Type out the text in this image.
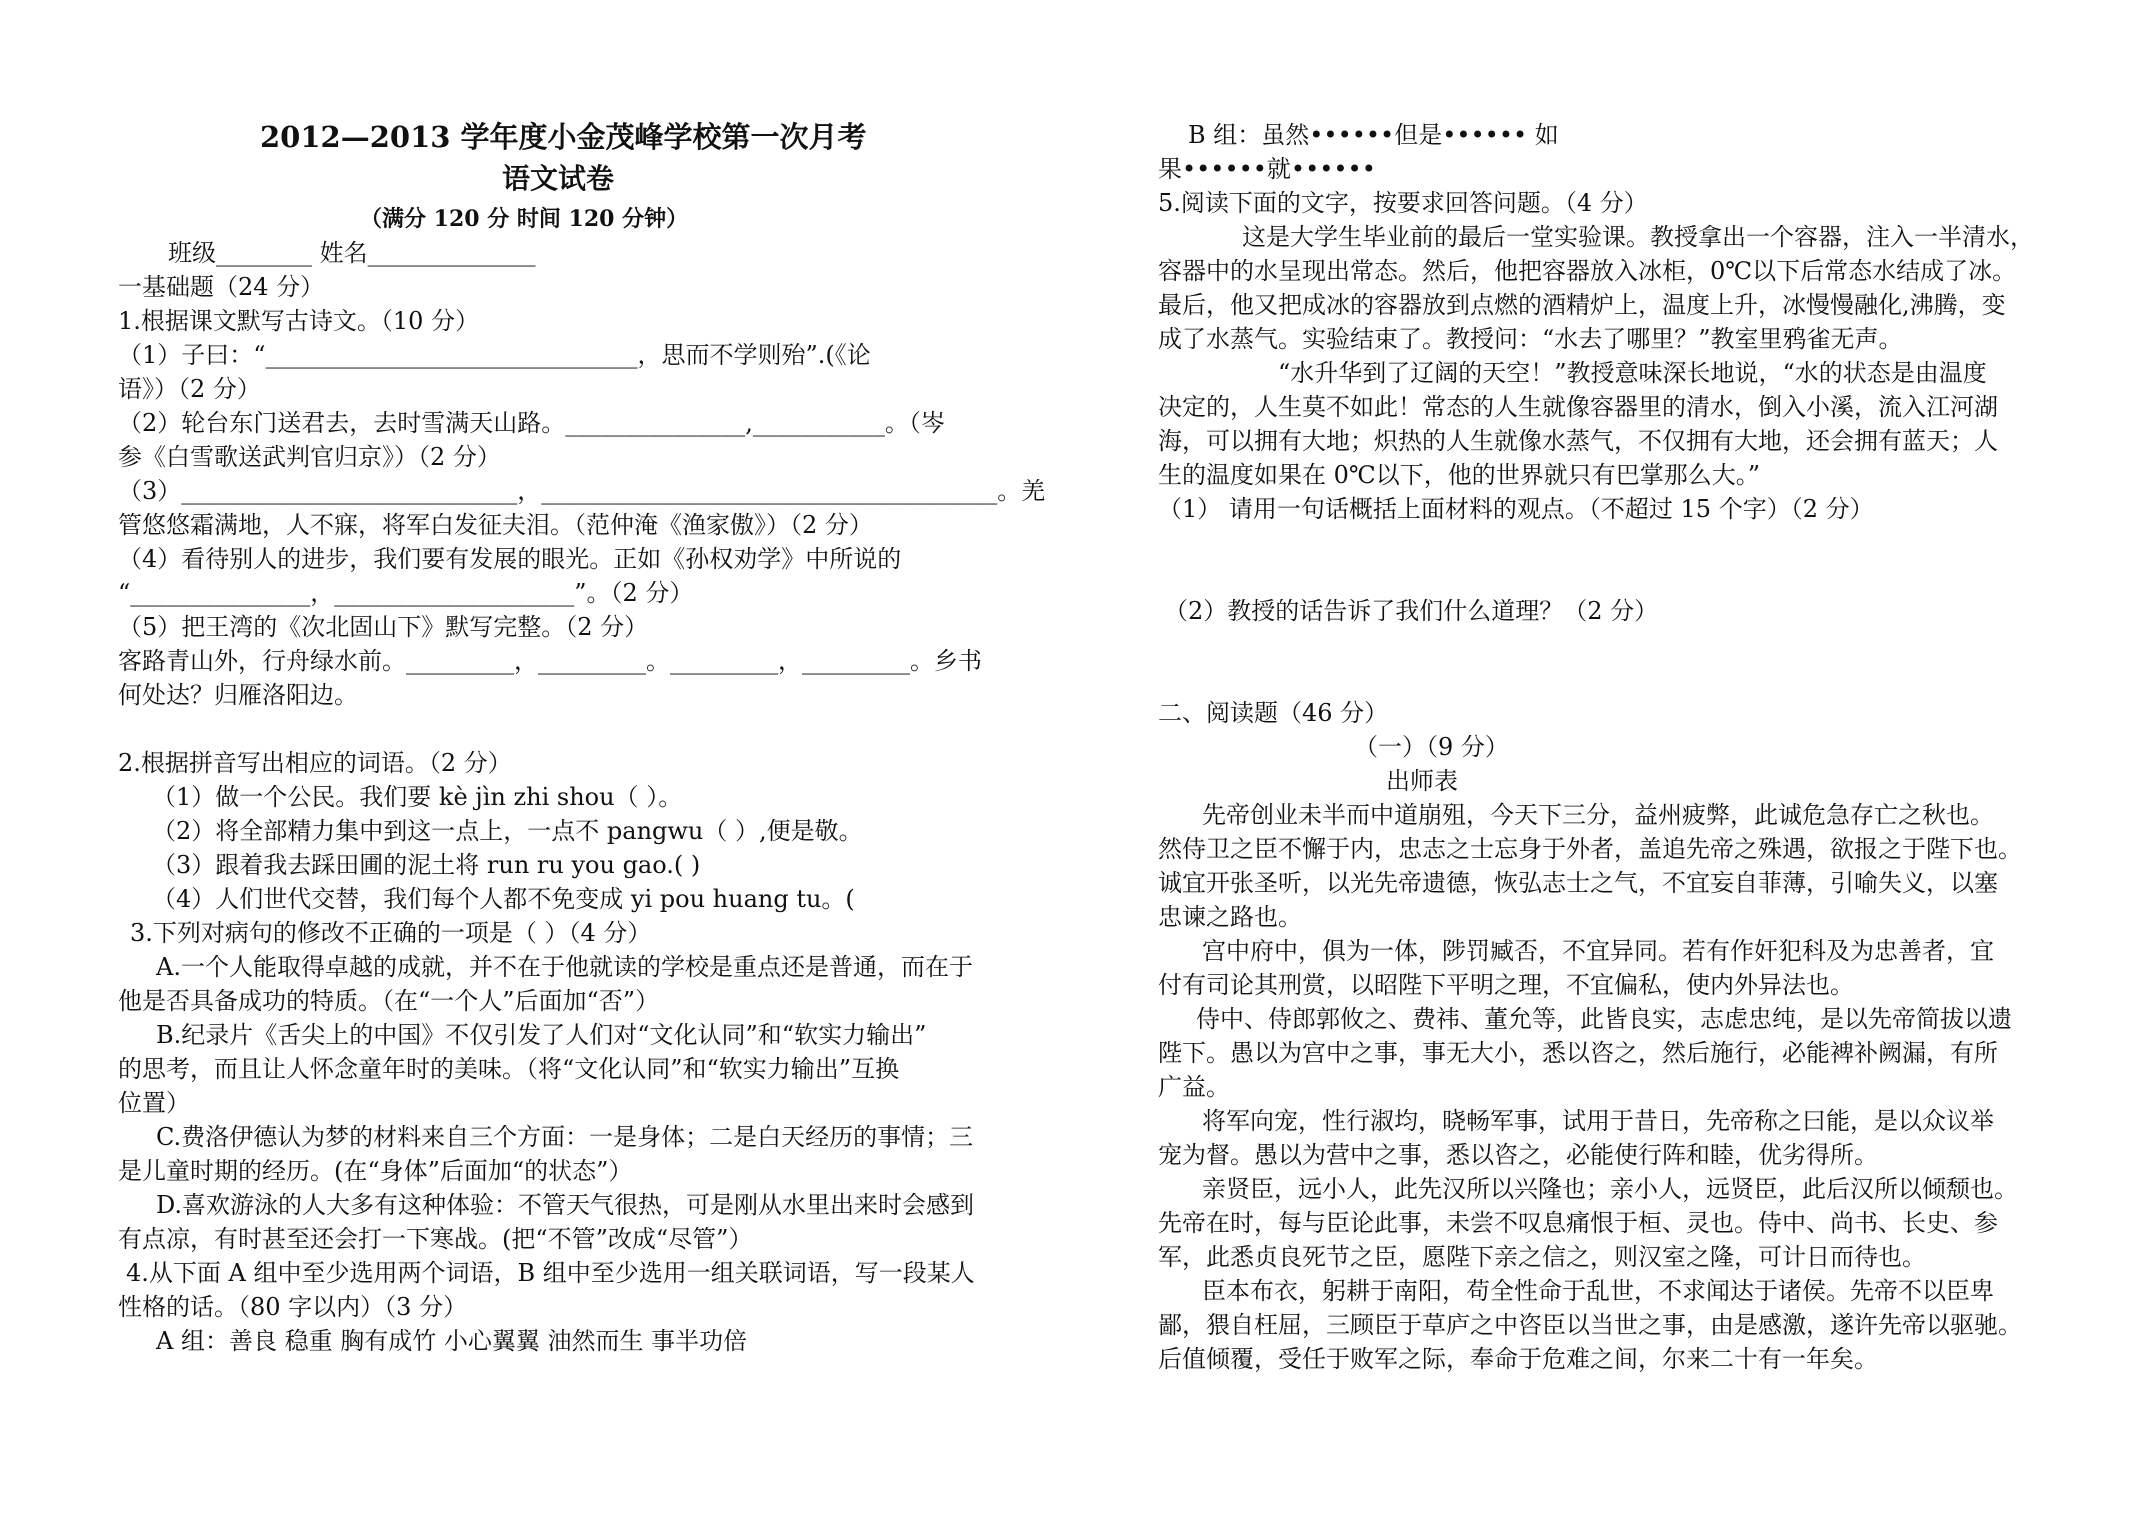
2012—2013 学年度小金茂峰学校第一次月考
语文试卷
（满分 120 分 时间 120 分钟）
班级________ 姓名______________
一基础题（24 分）
1.根据课文默写古诗文。（10 分）
（1）子曰：“_______________________________，思而不学则殆”.(《论
语》）（2 分）
（2）轮台东门送君去，去时雪满天山路。_______________,___________。（岑
参《白雪歌送武判官归京》）（2 分）
（3）____________________________，______________________________________。羌
管悠悠霜满地，人不寐，将军白发征夫泪。（范仲淹《渔家傲》）（2 分）
（4）看待别人的进步，我们要有发展的眼光。正如《孙权劝学》中所说的
“_______________，____________________”。（2 分）
（5）把王湾的《次北固山下》默写完整。（2 分）
客路青山外，行舟绿水前。_________，_________。_________，_________。乡书
何处达？归雁洛阳边。
2.根据拼音写出相应的词语。（2 分）
（1）做一个公民。我们要 kè jìn zhi shou（ ）。
（2）将全部精力集中到这一点上，一点不 pangwu（ ）,便是敬。
（3）跟着我去踩田圃的泥土将 run ru you gao.( )
（4）人们世代交替，我们每个人都不免变成 yi pou huang tu。(
3.下列对病句的修改不正确的一项是（ ）（4 分）
A.一个人能取得卓越的成就，并不在于他就读的学校是重点还是普通，而在于
他是否具备成功的特质。（在“一个人”后面加“否”）
B.纪录片《舌尖上的中国》不仅引发了人们对“文化认同”和“软实力输出”
的思考，而且让人怀念童年时的美味。（将“文化认同”和“软实力输出”互换
位置）
C.费洛伊德认为梦的材料来自三个方面：一是身体；二是白天经历的事情；三
是儿童时期的经历。(在“身体”后面加“的状态”）
D.喜欢游泳的人大多有这种体验：不管天气很热，可是刚从水里出来时会感到
有点凉，有时甚至还会打一下寒战。(把“不管”改成“尽管”）
4.从下面 A 组中至少选用两个词语，B 组中至少选用一组关联词语，写一段某人
性格的话。（80 字以内）（3 分）
A 组：善良 稳重 胸有成竹 小心翼翼 油然而生 事半功倍
B 组：虽然••••••但是•••••• 如
果••••••就••••••
5.阅读下面的文字，按要求回答问题。（4 分）
这是大学生毕业前的最后一堂实验课。教授拿出一个容器，注入一半清水，
容器中的水呈现出常态。然后，他把容器放入冰柜，0℃以下后常态水结成了冰。
最后，他又把成冰的容器放到点燃的酒精炉上，温度上升，冰慢慢融化,沸腾，变
成了水蒸气。实验结束了。教授问：“水去了哪里？”教室里鸦雀无声。
“水升华到了辽阔的天空！”教授意味深长地说，“水的状态是由温度
决定的，人生莫不如此！常态的人生就像容器里的清水，倒入小溪，流入江河湖
海，可以拥有大地；炽热的人生就像水蒸气，不仅拥有大地，还会拥有蓝天；人
生的温度如果在 0℃以下，他的世界就只有巴掌那么大。”
（1） 请用一句话概括上面材料的观点。（不超过 15 个字）（2 分）
（2）教授的话告诉了我们什么道理？（2 分）
二、阅读题（46 分）
（一）（9 分）
出师表
先帝创业未半而中道崩殂，今天下三分，益州疲弊，此诚危急存亡之秋也。
然侍卫之臣不懈于内，忠志之士忘身于外者，盖追先帝之殊遇，欲报之于陛下也。
诚宜开张圣听，以光先帝遗德，恢弘志士之气，不宜妄自菲薄，引喻失义，以塞
忠谏之路也。
宫中府中，俱为一体，陟罚臧否，不宜异同。若有作奸犯科及为忠善者，宜
付有司论其刑赏，以昭陛下平明之理，不宜偏私，使内外异法也。
侍中、侍郎郭攸之、费祎、董允等，此皆良实，志虑忠纯，是以先帝简拔以遗
陛下。愚以为宫中之事，事无大小，悉以咨之，然后施行，必能裨补阙漏，有所
广益。
将军向宠，性行淑均，晓畅军事，试用于昔日，先帝称之曰能，是以众议举
宠为督。愚以为营中之事，悉以咨之，必能使行阵和睦，优劣得所。
亲贤臣，远小人，此先汉所以兴隆也；亲小人，远贤臣，此后汉所以倾颓也。
先帝在时，每与臣论此事，未尝不叹息痛恨于桓、灵也。侍中、尚书、长史、参
军，此悉贞良死节之臣，愿陛下亲之信之，则汉室之隆，可计日而待也。
臣本布衣，躬耕于南阳，苟全性命于乱世，不求闻达于诸侯。先帝不以臣卑
鄙，猥自枉屈，三顾臣于草庐之中咨臣以当世之事，由是感激，遂许先帝以驱驰。
后值倾覆，受任于败军之际，奉命于危难之间，尔来二十有一年矣。
